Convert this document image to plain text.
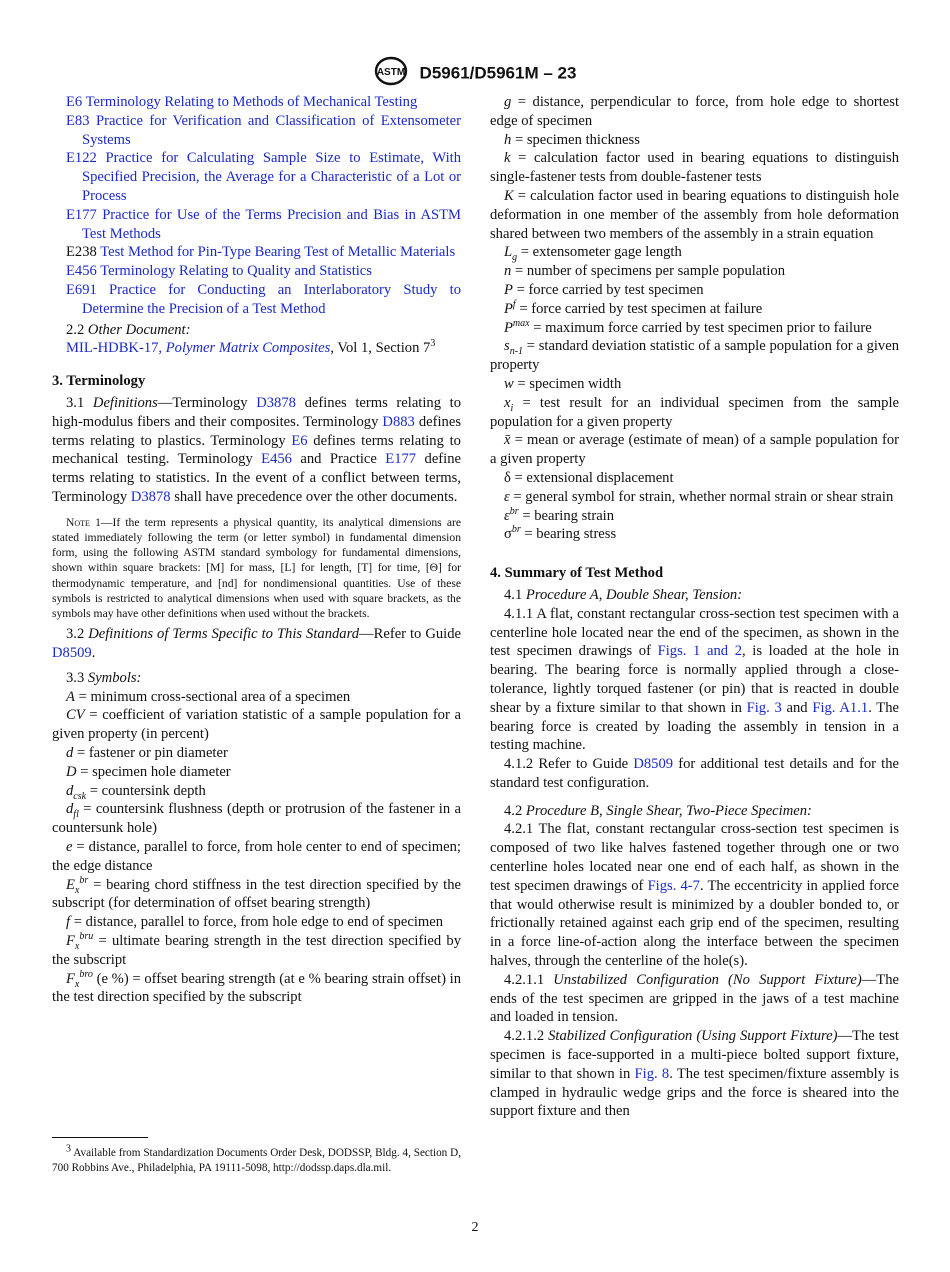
ASTM D5961/D5961M – 23

E6 Terminology Relating to Methods of Mechanical Testing

E83 Practice for Verification and Classification of Extensometer Systems

E122 Practice for Calculating Sample Size to Estimate, With Specified Precision, the Average for a Characteristic of a Lot or Process

E177 Practice for Use of the Terms Precision and Bias in ASTM Test Methods

E238 Test Method for Pin-Type Bearing Test of Metallic Materials

E456 Terminology Relating to Quality and Statistics

E691 Practice for Conducting an Interlaboratory Study to Determine the Precision of a Test Method

2.2 Other Document:

MIL-HDBK-17, Polymer Matrix Composites, Vol 1, Section $7^3$

3. Terminology

3.1 Definitions—Terminology D3878 defines terms relating to high-modulus fibers and their composites. Terminology D883 defines terms relating to plastics. Terminology E6 defines terms relating to mechanical testing. Terminology E456 and Practice E177 define terms relating to statistics. In the event of a conflict between terms, Terminology D3878 shall have precedence over the other documents.

Note 1—If the term represents a physical quantity, its analytical dimensions are stated immediately following the term (or letter symbol) in fundamental dimension form, using the following ASTM standard symbology for fundamental dimensions, shown within square brackets: [M] for mass, [L] for length, [T] for time, [Θ] for thermodynamic temperature, and [nd] for nondimensional quantities. Use of these symbols is restricted to analytical dimensions when used with square brackets, as the symbols may have other definitions when used without the brackets.

3.2 Definitions of Terms Specific to This Standard—Refer to Guide D8509.

3.3 Symbols:

A = minimum cross-sectional area of a specimen

CV = coefficient of variation statistic of a sample population for a given property (in percent)

d = fastener or pin diameter

D = specimen hole diameter

$d_{csk}$ = countersink depth

$d_{fl}$ = countersink flushness (depth or protrusion of the fastener in a countersunk hole)

e = distance, parallel to force, from hole center to end of specimen; the edge distance

$E_x^{br}$ = bearing chord stiffness in the test direction specified by the subscript (for determination of offset bearing strength)

f = distance, parallel to force, from hole edge to end of specimen

$F_x^{bru}$ = ultimate bearing strength in the test direction specified by the subscript

$F_x^{bro}$ (e %) = offset bearing strength (at e % bearing strain offset) in the test direction specified by the subscript

g = distance, perpendicular to force, from hole edge to shortest edge of specimen

h = specimen thickness

k = calculation factor used in bearing equations to distinguish single-fastener tests from double-fastener tests

K = calculation factor used in bearing equations to distinguish hole deformation in one member of the assembly from hole deformation shared between two members of the assembly in a strain equation

$L_g$ = extensometer gage length

n = number of specimens per sample population

P = force carried by test specimen

$P^f$ = force carried by test specimen at failure

$P^{max}$ = maximum force carried by test specimen prior to failure

$s_{n-1}$ = standard deviation statistic of a sample population for a given property

w = specimen width

$x_i$ = test result for an individual specimen from the sample population for a given property

x̄ = mean or average (estimate of mean) of a sample population for a given property

δ = extensional displacement

ε = general symbol for strain, whether normal strain or shear strain

$\varepsilon^{br}$ = bearing strain

$\sigma^{br}$ = bearing stress

4. Summary of Test Method

4.1 Procedure A, Double Shear, Tension:

4.1.1 A flat, constant rectangular cross-section test specimen with a centerline hole located near the end of the specimen, as shown in the test specimen drawings of Figs. 1 and 2, is loaded at the hole in bearing. The bearing force is normally applied through a close-tolerance, lightly torqued fastener (or pin) that is reacted in double shear by a fixture similar to that shown in Fig. 3 and Fig. A1.1. The bearing force is created by loading the assembly in tension in a testing machine.

4.1.2 Refer to Guide D8509 for additional test details and for the standard test configuration.

4.2 Procedure B, Single Shear, Two-Piece Specimen:

4.2.1 The flat, constant rectangular cross-section test specimen is composed of two like halves fastened together through one or two centerline holes located near one end of each half, as shown in the test specimen drawings of Figs. 4-7. The eccentricity in applied force that would otherwise result is minimized by a doubler bonded to, or frictionally retained against each grip end of the specimen, resulting in a force line-of-action along the interface between the specimen halves, through the centerline of the hole(s).

4.2.1.1 Unstabilized Configuration (No Support Fixture)—The ends of the test specimen are gripped in the jaws of a test machine and loaded in tension.

4.2.1.2 Stabilized Configuration (Using Support Fixture)—The test specimen is face-supported in a multi-piece bolted support fixture, similar to that shown in Fig. 8. The test specimen/fixture assembly is clamped in hydraulic wedge grips and the force is sheared into the support fixture and then

$^3$ Available from Standardization Documents Order Desk, DODSSP, Bldg. 4, Section D, 700 Robbins Ave., Philadelphia, PA 19111-5098, http://dodssp.daps.dla.mil.
2
